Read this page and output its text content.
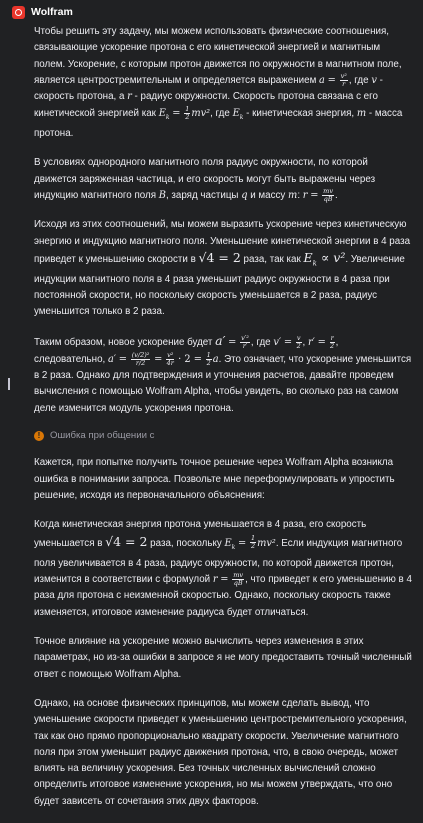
Wolfram

Чтобы решить эту задачу, мы можем использовать физические соотношения, связывающие ускорение протона с его кинетической энергией и магнитным полем. Ускорение, с которым протон движется по окружности в магнитном поле, является центростремительным и определяется выражением $a = \frac{\text{v²}}{r}$ , где v - скорость протона, а r - радиус окружности. Скорость протона связана с его кинетической энергией как $E_k = \frac{1}{2} mv^2$, где $E_k$ - кинетическая энергия, m - масса протона.

В условиях однородного магнитного поля радиус окружности, по которой движется заряженная частица, и его скорость могут быть выражены через индукцию магнитного поля B, заряд частицы q и массу m: $r = \frac{mv}{qB}$ .

Исходя из этих соотношений, мы можем выразить ускорение через кинетическую энергию и индукцию магнитного поля. Уменьшение кинетической энергии в 4 раза приведет к уменьшению скорости в √4 = 2 раза, так как $E_k \propto v^2$. Увеличение индукции магнитного поля в 4 раза уменьшит радиус окружности в 4 раза при постоянной скорости, но поскольку скорость уменьшается в 2 раза, радиус уменьшится только в 2 раза.

Таким образом, новое ускорение будет $a' = \frac{\text{v′²}}{r'}$ , где $v' = \frac{v}{2}$ , $r' = \frac{r}{2}$ , следовательно, $a' = \frac{\text{(v/2)²}}{r/2} = \frac{\text{v²}}{4r} \cdot 2 = \frac{1}{2} a$. Это означает, что ускорение уменьшится в 2 раза. Однако для подтверждения и уточнения расчетов, давайте проведем вычисления с помощью Wolfram Alpha, чтобы увидеть, во сколько раз на самом деле изменится модуль ускорения протона.

!	Ошибка при общении с

Кажется, при попытке получить точное решение через Wolfram Alpha возникла ошибка в понимании запроса. Позвольте мне переформулировать и упростить решение, исходя из первоначального объяснения:

Когда кинетическая энергия протона уменьшается в 4 раза, его скорость уменьшается в √4 = 2 раза, поскольку $E_k = \frac{1}{2} mv^2$. Если индукция магнитного поля увеличивается в 4 раза, радиус окружности, по которой движется протон, изменится в соответствии с формулой $r = \frac{mv}{qB}$ , что приведет к его уменьшению в 4 раза для протона с неизменной скоростью. Однако, поскольку скорость также изменяется, итоговое изменение радиуса будет отличаться.

Точное влияние на ускорение можно вычислить через изменения в этих параметрах, но из-за ошибки в запросе я не могу предоставить точный численный ответ с помощью Wolfram Alpha.

Однако, на основе физических принципов, мы можем сделать вывод, что уменьшение скорости приведет к уменьшению центростремительного ускорения, так как оно прямо пропорционально квадрату скорости. Увеличение магнитного поля при этом уменьшит радиус движения протона, что, в свою очередь, может влиять на величину ускорения. Без точных численных вычислений сложно определить итоговое изменение ускорения, но мы можем утверждать, что оно будет зависеть от сочетания этих двух факторов.
